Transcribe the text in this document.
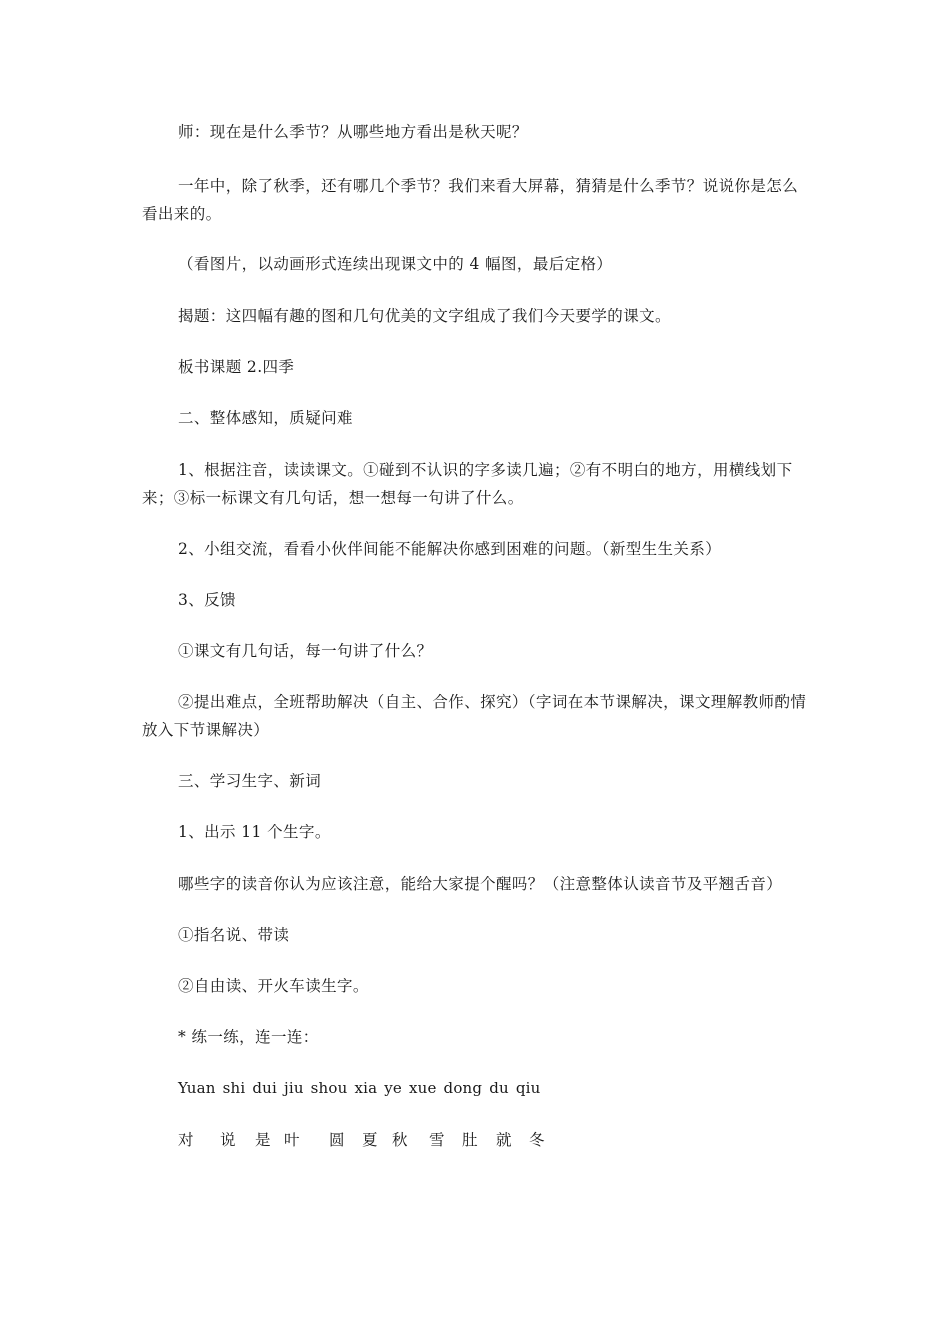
师：现在是什么季节？从哪些地方看出是秋天呢？

一年中，除了秋季，还有哪几个季节？我们来看大屏幕，猜猜是什么季节？说说你是怎么看出来的。

（看图片，以动画形式连续出现课文中的 4 幅图，最后定格）

揭题：这四幅有趣的图和几句优美的文字组成了我们今天要学的课文。

板书课题 2.四季

二、整体感知，质疑问难

1、根据注音，读读课文。①碰到不认识的字多读几遍；②有不明白的地方，用横线划下来；③标一标课文有几句话，想一想每一句讲了什么。

2、小组交流，看看小伙伴间能不能解决你感到困难的问题。（新型生生关系）

3、反馈

①课文有几句话，每一句讲了什么？

②提出难点，全班帮助解决（自主、合作、探究）（字词在本节课解决，课文理解教师酌情放入下节课解决）

三、学习生字、新词

1、出示 11 个生字。

哪些字的读音你认为应该注意，能给大家提个醒吗？（注意整体认读音节及平翘舌音）

①指名说、带读

②自由读、开火车读生字。

* 练一练，连一连：

Yuan shi dui jiu shou xia ye xue dong du qiu

对 说 是 叶 圆 夏 秋 雪 肚 就 冬
